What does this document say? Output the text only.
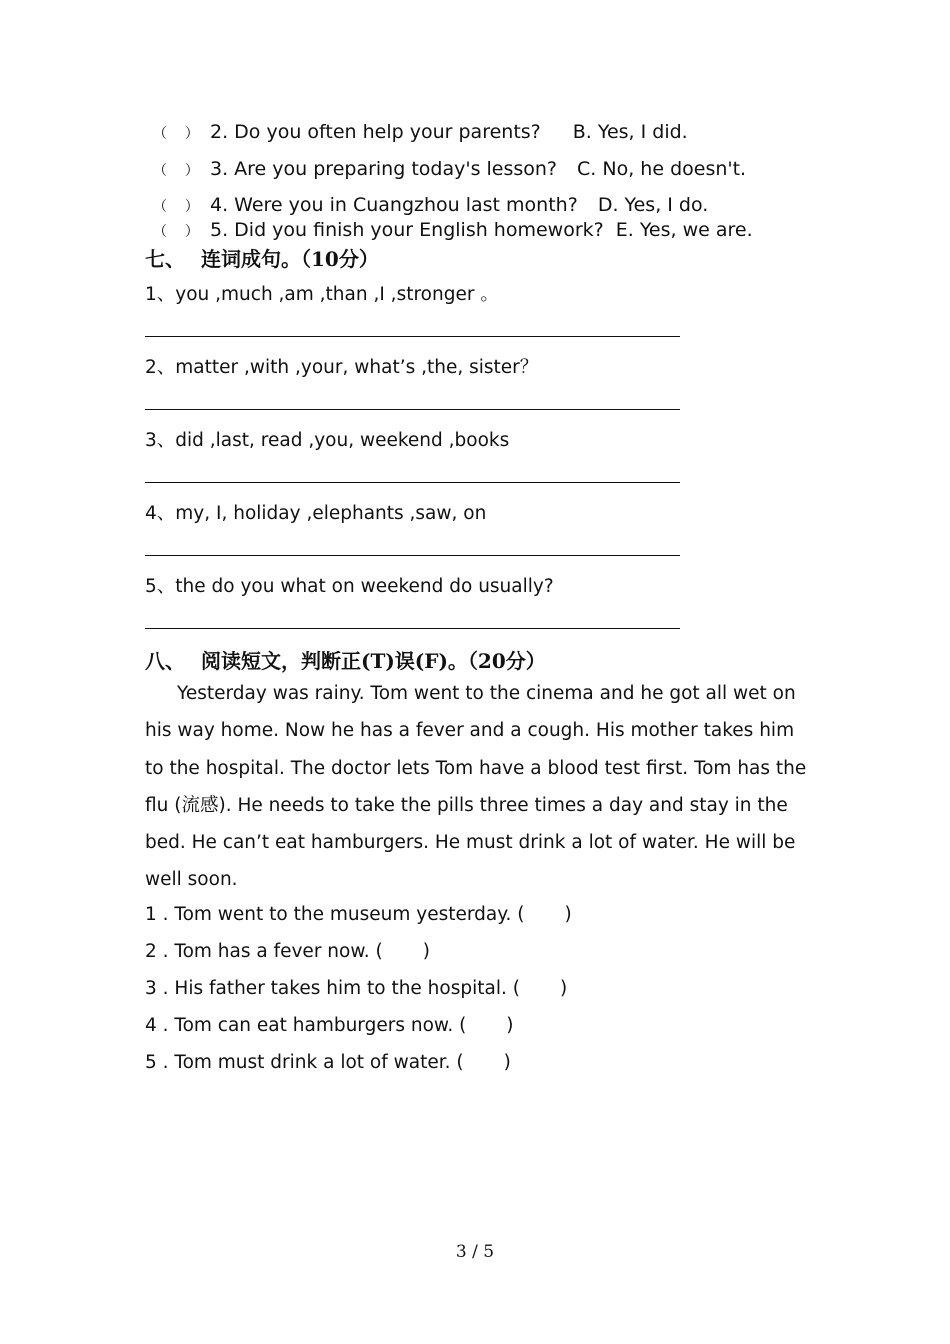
（ ） 2. Do you often help your parents? B. Yes, I did.
（ ） 3. Are you preparing today's lesson? C. No, he doesn't.
（ ） 4. Were you in Cuangzhou last month? D. Yes, I do.
（ ） 5. Did you finish your English homework? E. Yes, we are.
七、 连词成句。（10分）
1、you ,much ,am ,than ,I ,stronger 。
2、matter ,with ,your, what’s ,the, sister？
3、did ,last, read ,you, weekend ,books
4、my, I, holiday ,elephants ,saw, on
5、the do you what on weekend do usually?
八、 阅读短文，判断正(T)误(F)。（20分）

Yesterday was rainy. Tom went to the cinema and he got all wet on his way home. Now he has a fever and a cough. His mother takes him to the hospital. The doctor lets Tom have a blood test first. Tom has the flu (流感). He needs to take the pills three times a day and stay in the bed. He can’t eat hamburgers. He must drink a lot of water. He will be well soon.

1 . Tom went to the museum yesterday. ( )
2 . Tom has a fever now. ( )
3 . His father takes him to the hospital. ( )
4 . Tom can eat hamburgers now. ( )
5 . Tom must drink a lot of water. ( )
3 / 5
